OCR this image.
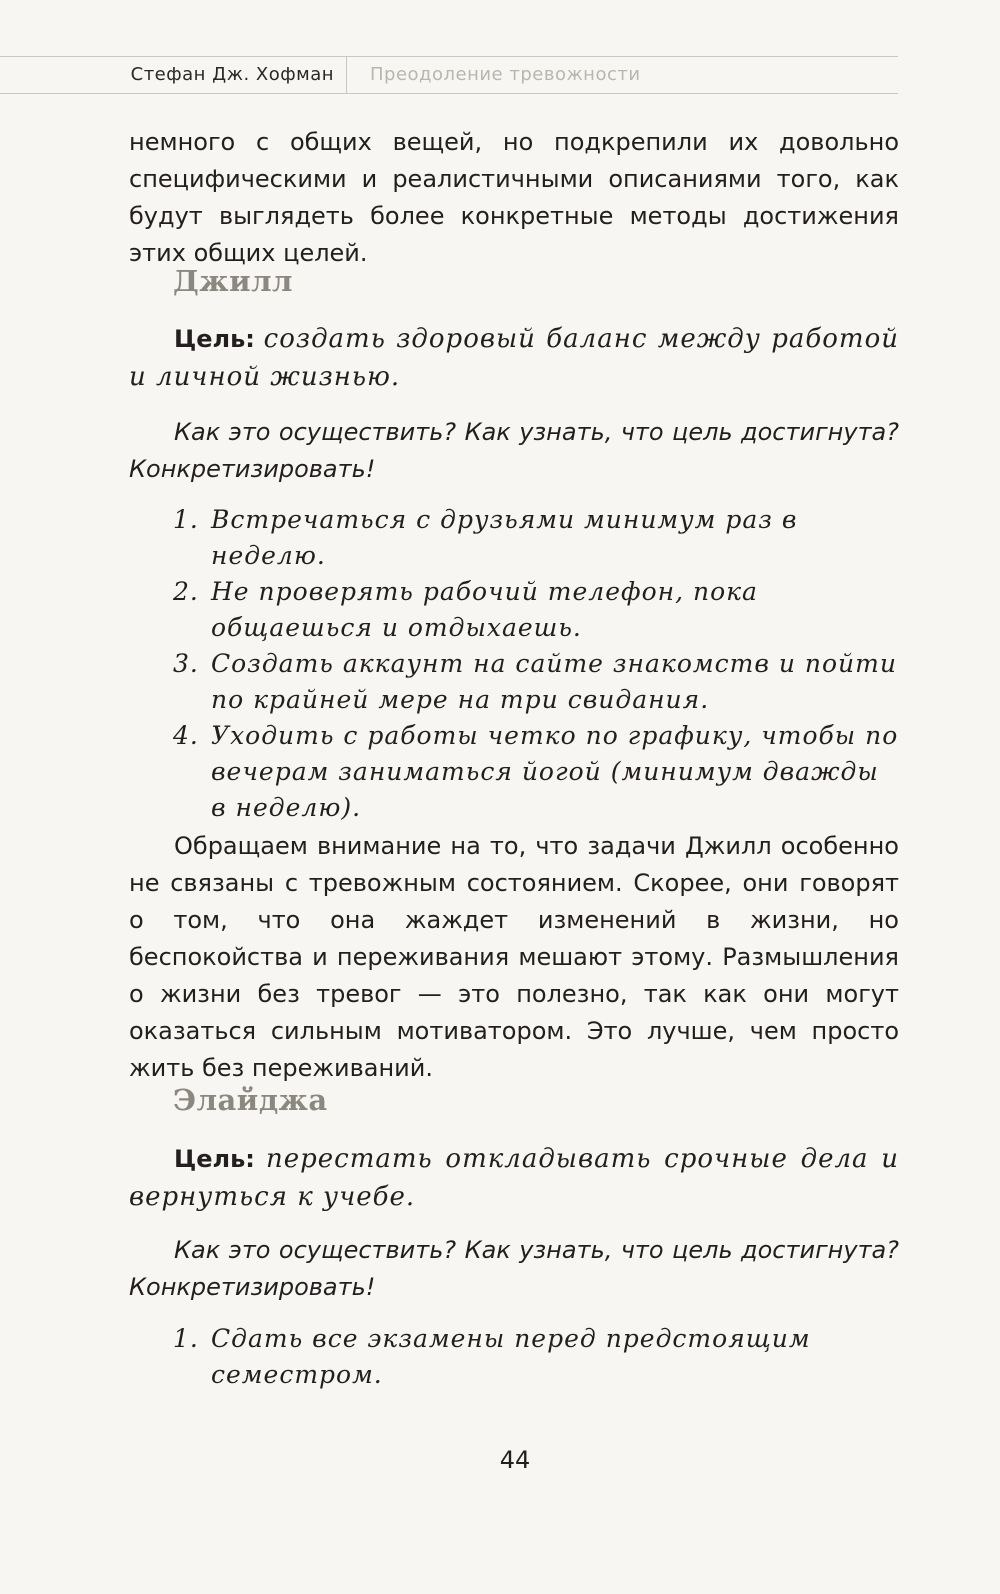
Стефан Дж. Хофман Преодоление тревожности

немного с общих вещей, но подкрепили их довольно специфическими и реалистичными описаниями того, как будут выглядеть более конкретные методы достижения этих общих целей.

Джилл

Цель: создать здоровый баланс между работой и личной жизнью.

Как это осуществить? Как узнать, что цель достигнута? Конкретизировать!

1. Встречаться с друзьями минимум раз в неделю.
2. Не проверять рабочий телефон, пока общаешься и отдыхаешь.
3. Создать аккаунт на сайте знакомств и пойти по крайней мере на три свидания.
4. Уходить с работы четко по графику, чтобы по вечерам заниматься йогой (минимум дважды в неделю).

Обращаем внимание на то, что задачи Джилл особенно не связаны с тревожным состоянием. Скорее, они говорят о том, что она жаждет изменений в жизни, но беспокойства и переживания мешают этому. Размышления о жизни без тревог — это полезно, так как они могут оказаться сильным мотиватором. Это лучше, чем просто жить без переживаний.

Элайджа

Цель: перестать откладывать срочные дела и вернуться к учебе.

Как это осуществить? Как узнать, что цель достигнута? Конкретизировать!

1. Сдать все экзамены перед предстоящим семестром.
44
